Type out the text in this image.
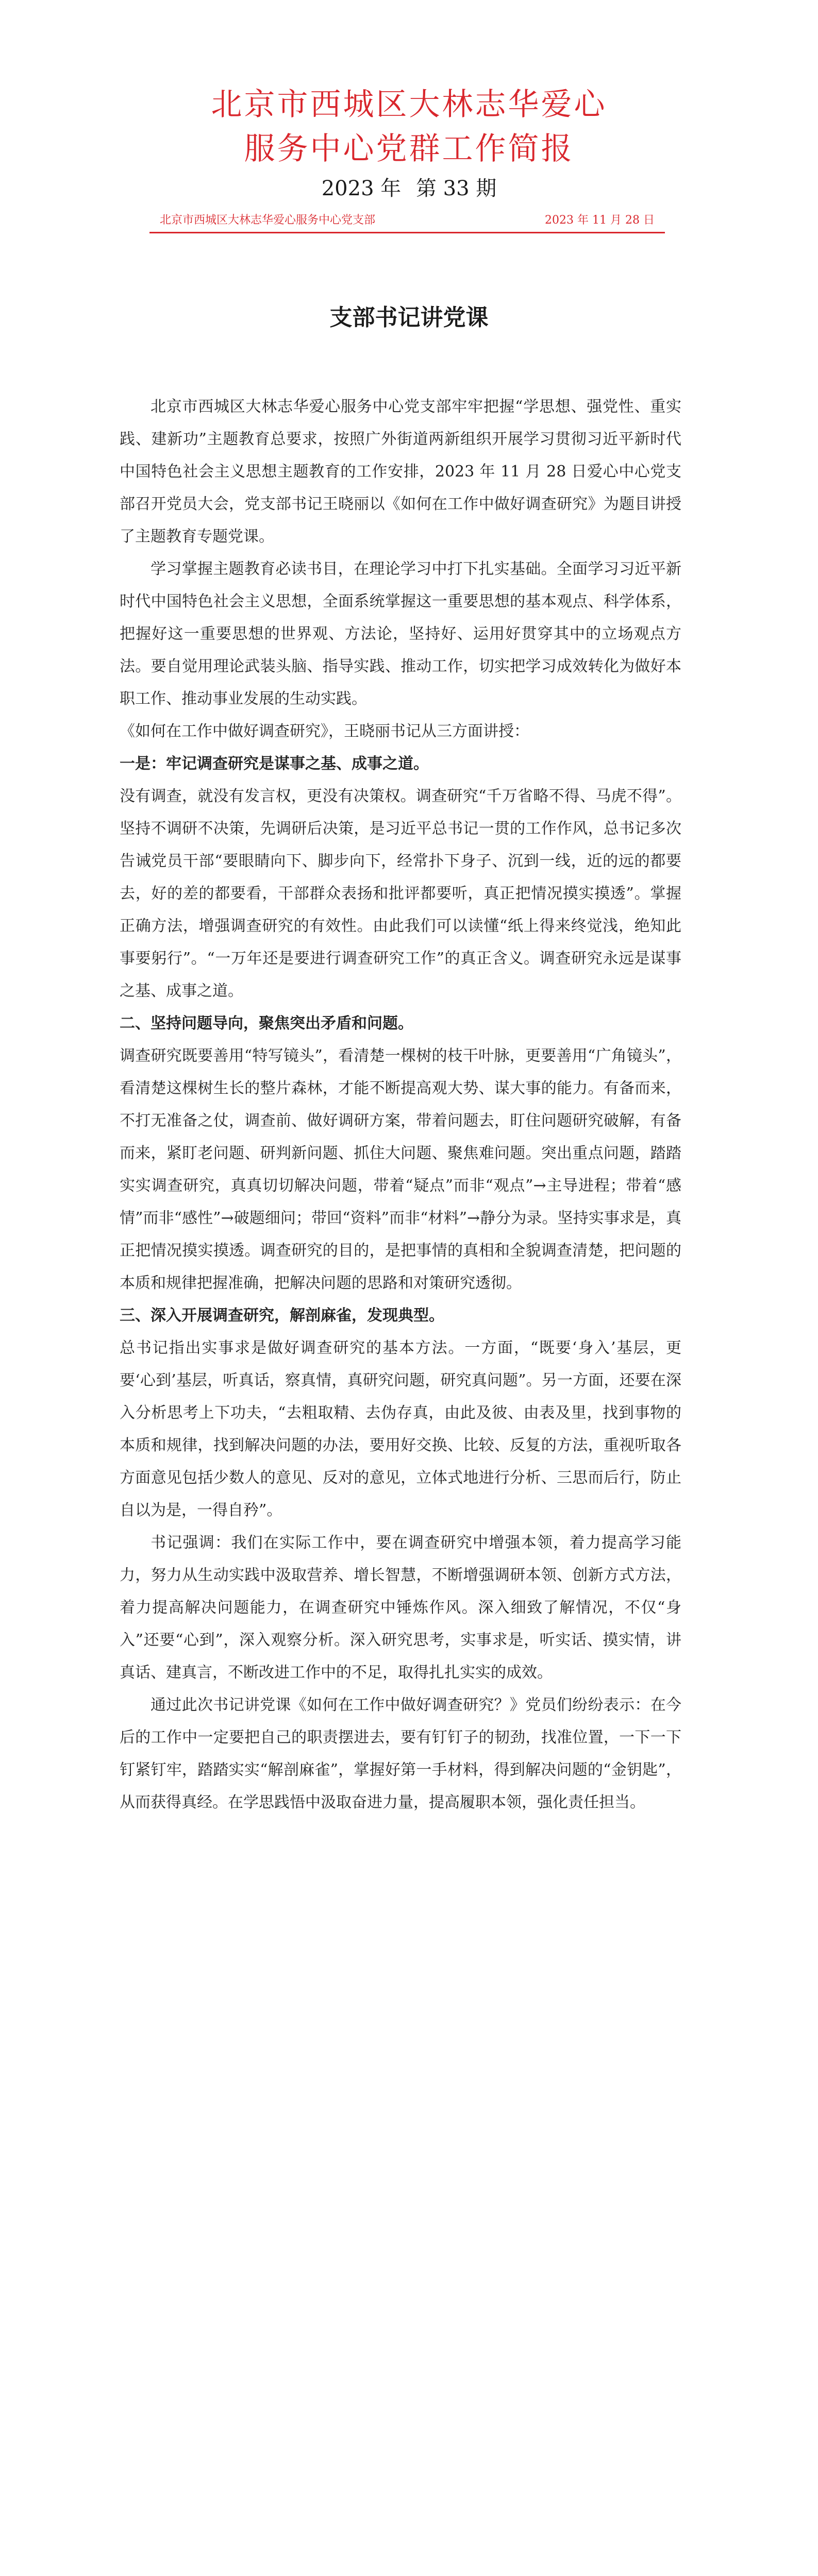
北京市西城区大林志华爱心
服务中心党群工作简报
2023 年 第 33 期
北京市西城区大林志华爱心服务中心党支部	2023 年 11 月 28 日
支部书记讲党课

北京市西城区大林志华爱心服务中心党支部牢牢把握“学思想、强党性、重实践、建新功”主题教育总要求，按照广外街道两新组织开展学习贯彻习近平新时代中国特色社会主义思想主题教育的工作安排，2023 年 11 月 28 日爱心中心党支部召开党员大会，党支部书记王晓丽以《如何在工作中做好调查研究》为题目讲授了主题教育专题党课。

学习掌握主题教育必读书目，在理论学习中打下扎实基础。全面学习习近平新时代中国特色社会主义思想，全面系统掌握这一重要思想的基本观点、科学体系，把握好这一重要思想的世界观、方法论，坚持好、运用好贯穿其中的立场观点方法。要自觉用理论武装头脑、指导实践、推动工作，切实把学习成效转化为做好本职工作、推动事业发展的生动实践。

《如何在工作中做好调查研究》，王晓丽书记从三方面讲授：

一是：牢记调查研究是谋事之基、成事之道。

没有调查，就没有发言权，更没有决策权。调查研究“千万省略不得、马虎不得”。坚持不调研不决策，先调研后决策，是习近平总书记一贯的工作作风，总书记多次告诫党员干部“要眼睛向下、脚步向下，经常扑下身子、沉到一线，近的远的都要去，好的差的都要看，干部群众表扬和批评都要听，真正把情况摸实摸透”。掌握正确方法，增强调查研究的有效性。由此我们可以读懂“纸上得来终觉浅，绝知此事要躬行”。“一万年还是要进行调查研究工作”的真正含义。调查研究永远是谋事之基、成事之道。

二、坚持问题导向，聚焦突出矛盾和问题。

调查研究既要善用“特写镜头”，看清楚一棵树的枝干叶脉，更要善用“广角镜头”，看清楚这棵树生长的整片森林，才能不断提高观大势、谋大事的能力。有备而来，不打无准备之仗，调查前、做好调研方案，带着问题去，盯住问题研究破解，有备而来，紧盯老问题、研判新问题、抓住大问题、聚焦难问题。突出重点问题，踏踏实实调查研究，真真切切解决问题，带着“疑点”而非“观点”→主导进程；带着“感情”而非“感性”→破题细问；带回“资料”而非“材料”→静分为录。坚持实事求是，真正把情况摸实摸透。调查研究的目的，是把事情的真相和全貌调查清楚，把问题的本质和规律把握准确，把解决问题的思路和对策研究透彻。

三、深入开展调查研究，解剖麻雀，发现典型。

总书记指出实事求是做好调查研究的基本方法。一方面，“既要‘身入’基层，更要‘心到’基层，听真话，察真情，真研究问题，研究真问题”。另一方面，还要在深入分析思考上下功夫，“去粗取精、去伪存真，由此及彼、由表及里，找到事物的本质和规律，找到解决问题的办法，要用好交换、比较、反复的方法，重视听取各方面意见包括少数人的意见、反对的意见，立体式地进行分析、三思而后行，防止自以为是，一得自矜”。

书记强调：我们在实际工作中，要在调查研究中增强本领，着力提高学习能力，努力从生动实践中汲取营养、增长智慧，不断增强调研本领、创新方式方法，着力提高解决问题能力，在调查研究中锤炼作风。深入细致了解情况，不仅“身入”还要“心到”，深入观察分析。深入研究思考，实事求是，听实话、摸实情，讲真话、建真言，不断改进工作中的不足，取得扎扎实实的成效。

通过此次书记讲党课《如何在工作中做好调查研究？》党员们纷纷表示：在今后的工作中一定要把自己的职责摆进去，要有钉钉子的韧劲，找准位置，一下一下钉紧钉牢，踏踏实实“解剖麻雀”，掌握好第一手材料，得到解决问题的“金钥匙”，从而获得真经。在学思践悟中汲取奋进力量，提高履职本领，强化责任担当。
